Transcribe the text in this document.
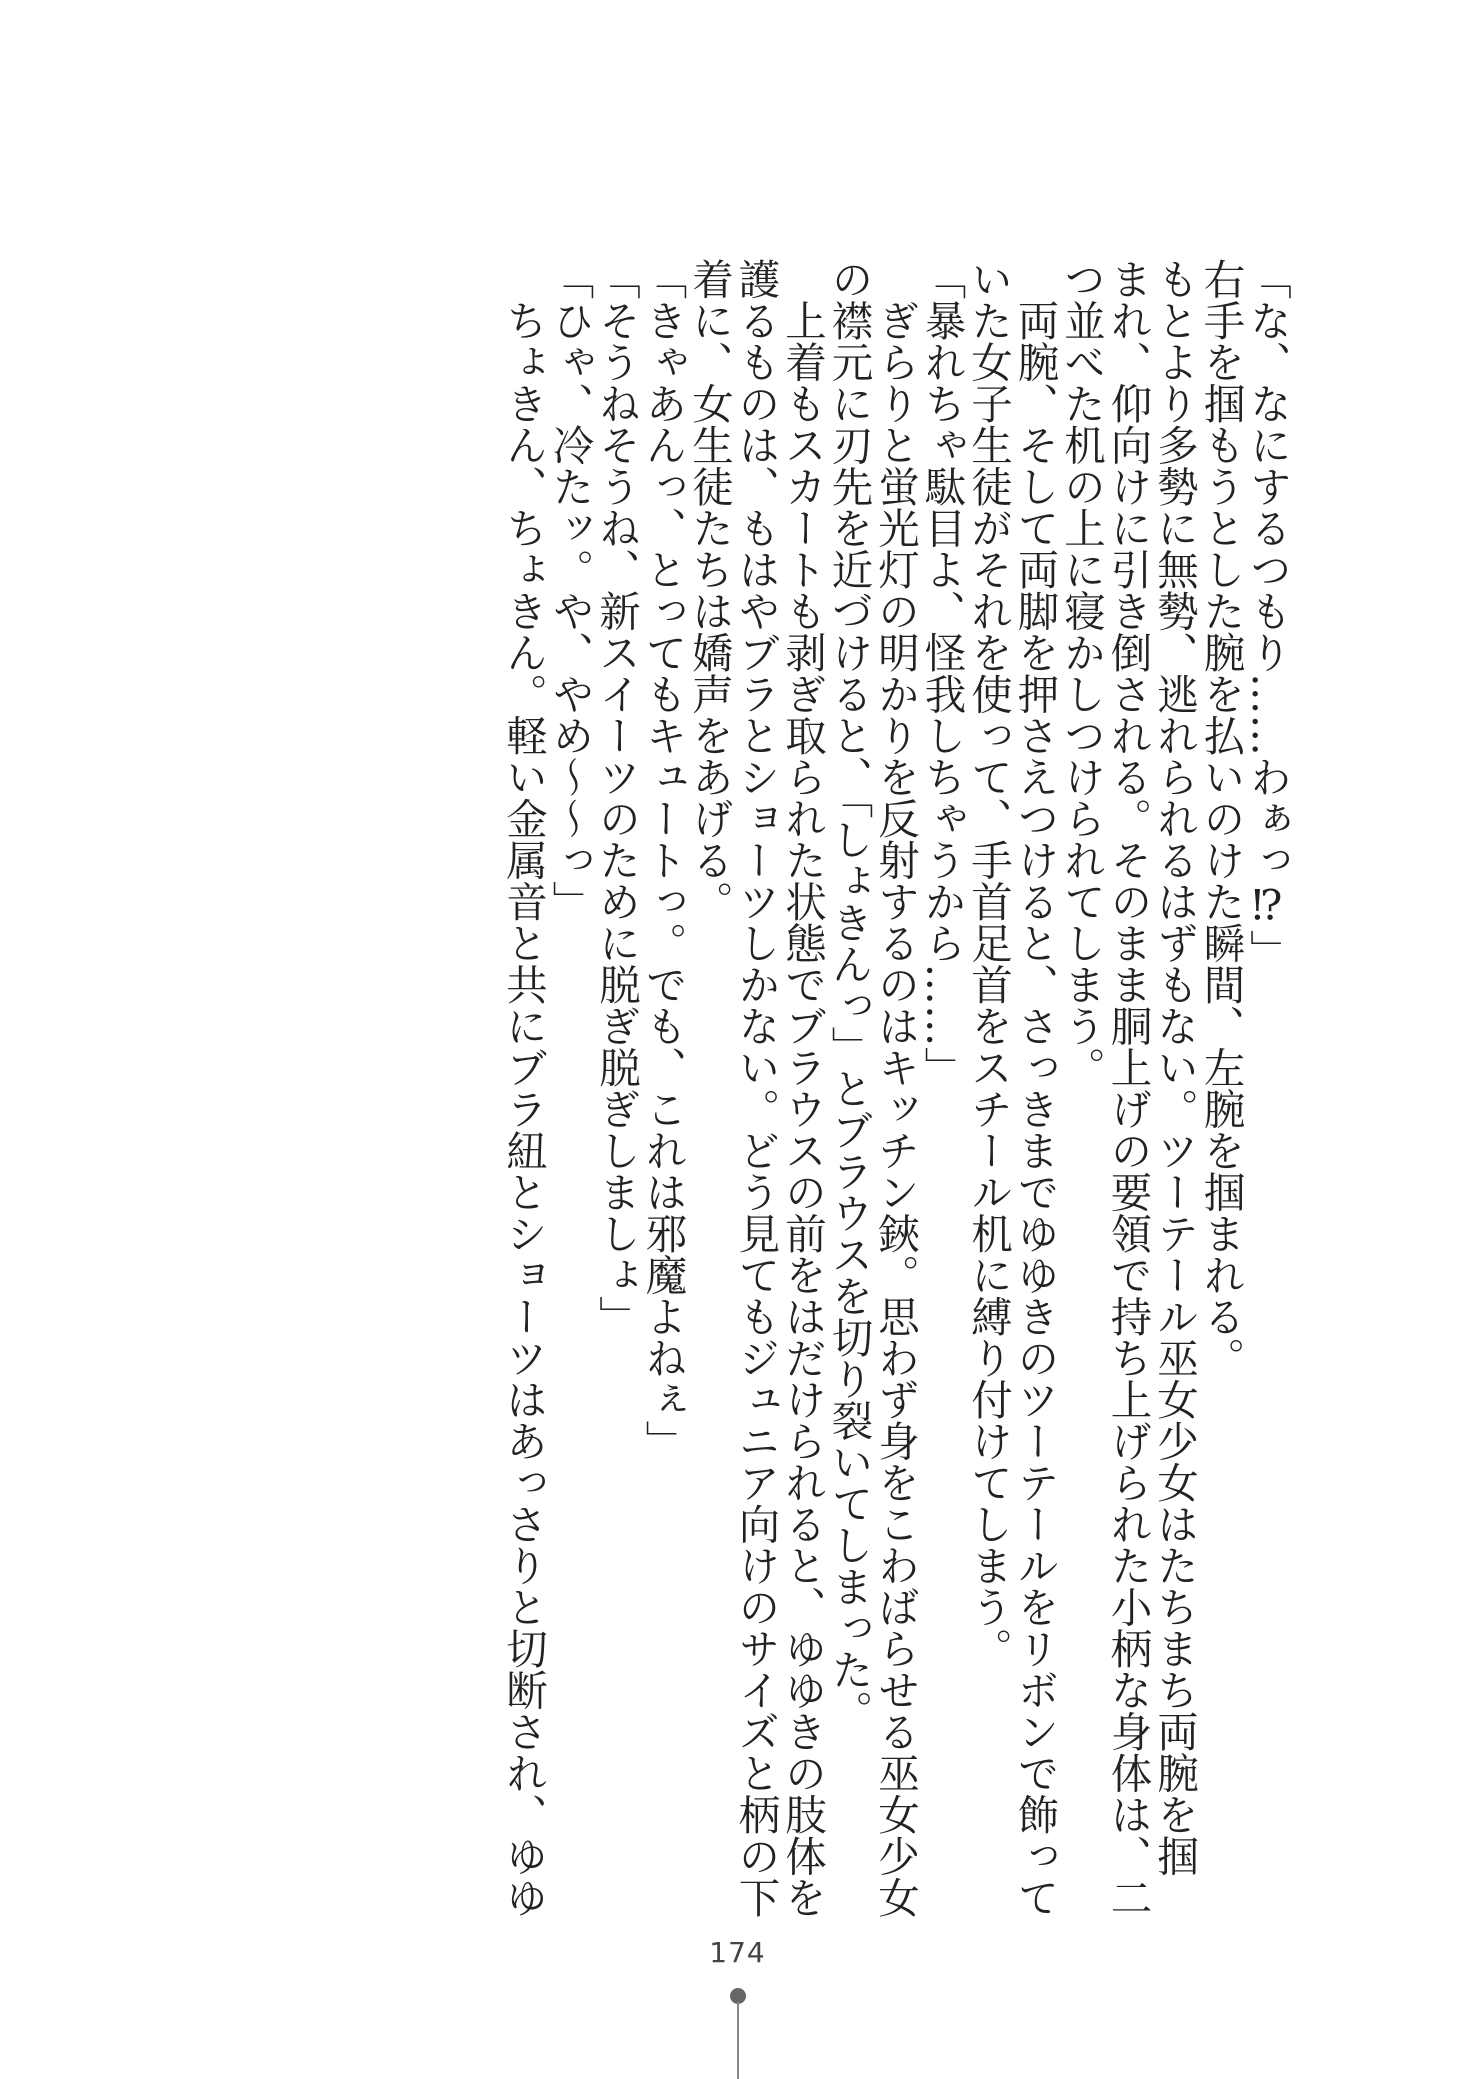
「な、なにするつもり……わぁっ⁉」
右手を掴もうとした腕を払いのけた瞬間、左腕を掴まれる。
もとより多勢に無勢、逃れられるはずもない。ツーテール巫女少女はたちまち両腕を掴
まれ、仰向けに引き倒される。そのまま胴上げの要領で持ち上げられた小柄な身体は、二
つ並べた机の上に寝かしつけられてしまう。
　両腕、そして両脚を押さえつけると、さっきまでゆゆきのツーテールをリボンで飾って
いた女子生徒がそれを使って、手首足首をスチール机に縛り付けてしまう。
「暴れちゃ駄目よ、怪我しちゃうから……」
　ぎらりと蛍光灯の明かりを反射するのはキッチン鋏。思わず身をこわばらせる巫女少女
の襟元に刃先を近づけると、「しょきんっ」とブラウスを切り裂いてしまった。
　上着もスカートも剥ぎ取られた状態でブラウスの前をはだけられると、ゆゆきの肢体を
護るものは、もはやブラとショーツしかない。どう見てもジュニア向けのサイズと柄の下
着に、女生徒たちは嬌声をあげる。
「きゃあんっ、とってもキュートっ。でも、これは邪魔よねぇ」
「そうねそうね、新スイーツのために脱ぎ脱ぎしましょ」
「ひゃ、冷たッ。や、やめ〜〜っ」
　ちょきん、ちょきん。軽い金属音と共にブラ紐とショーツはあっさりと切断され、ゆゆ
174
